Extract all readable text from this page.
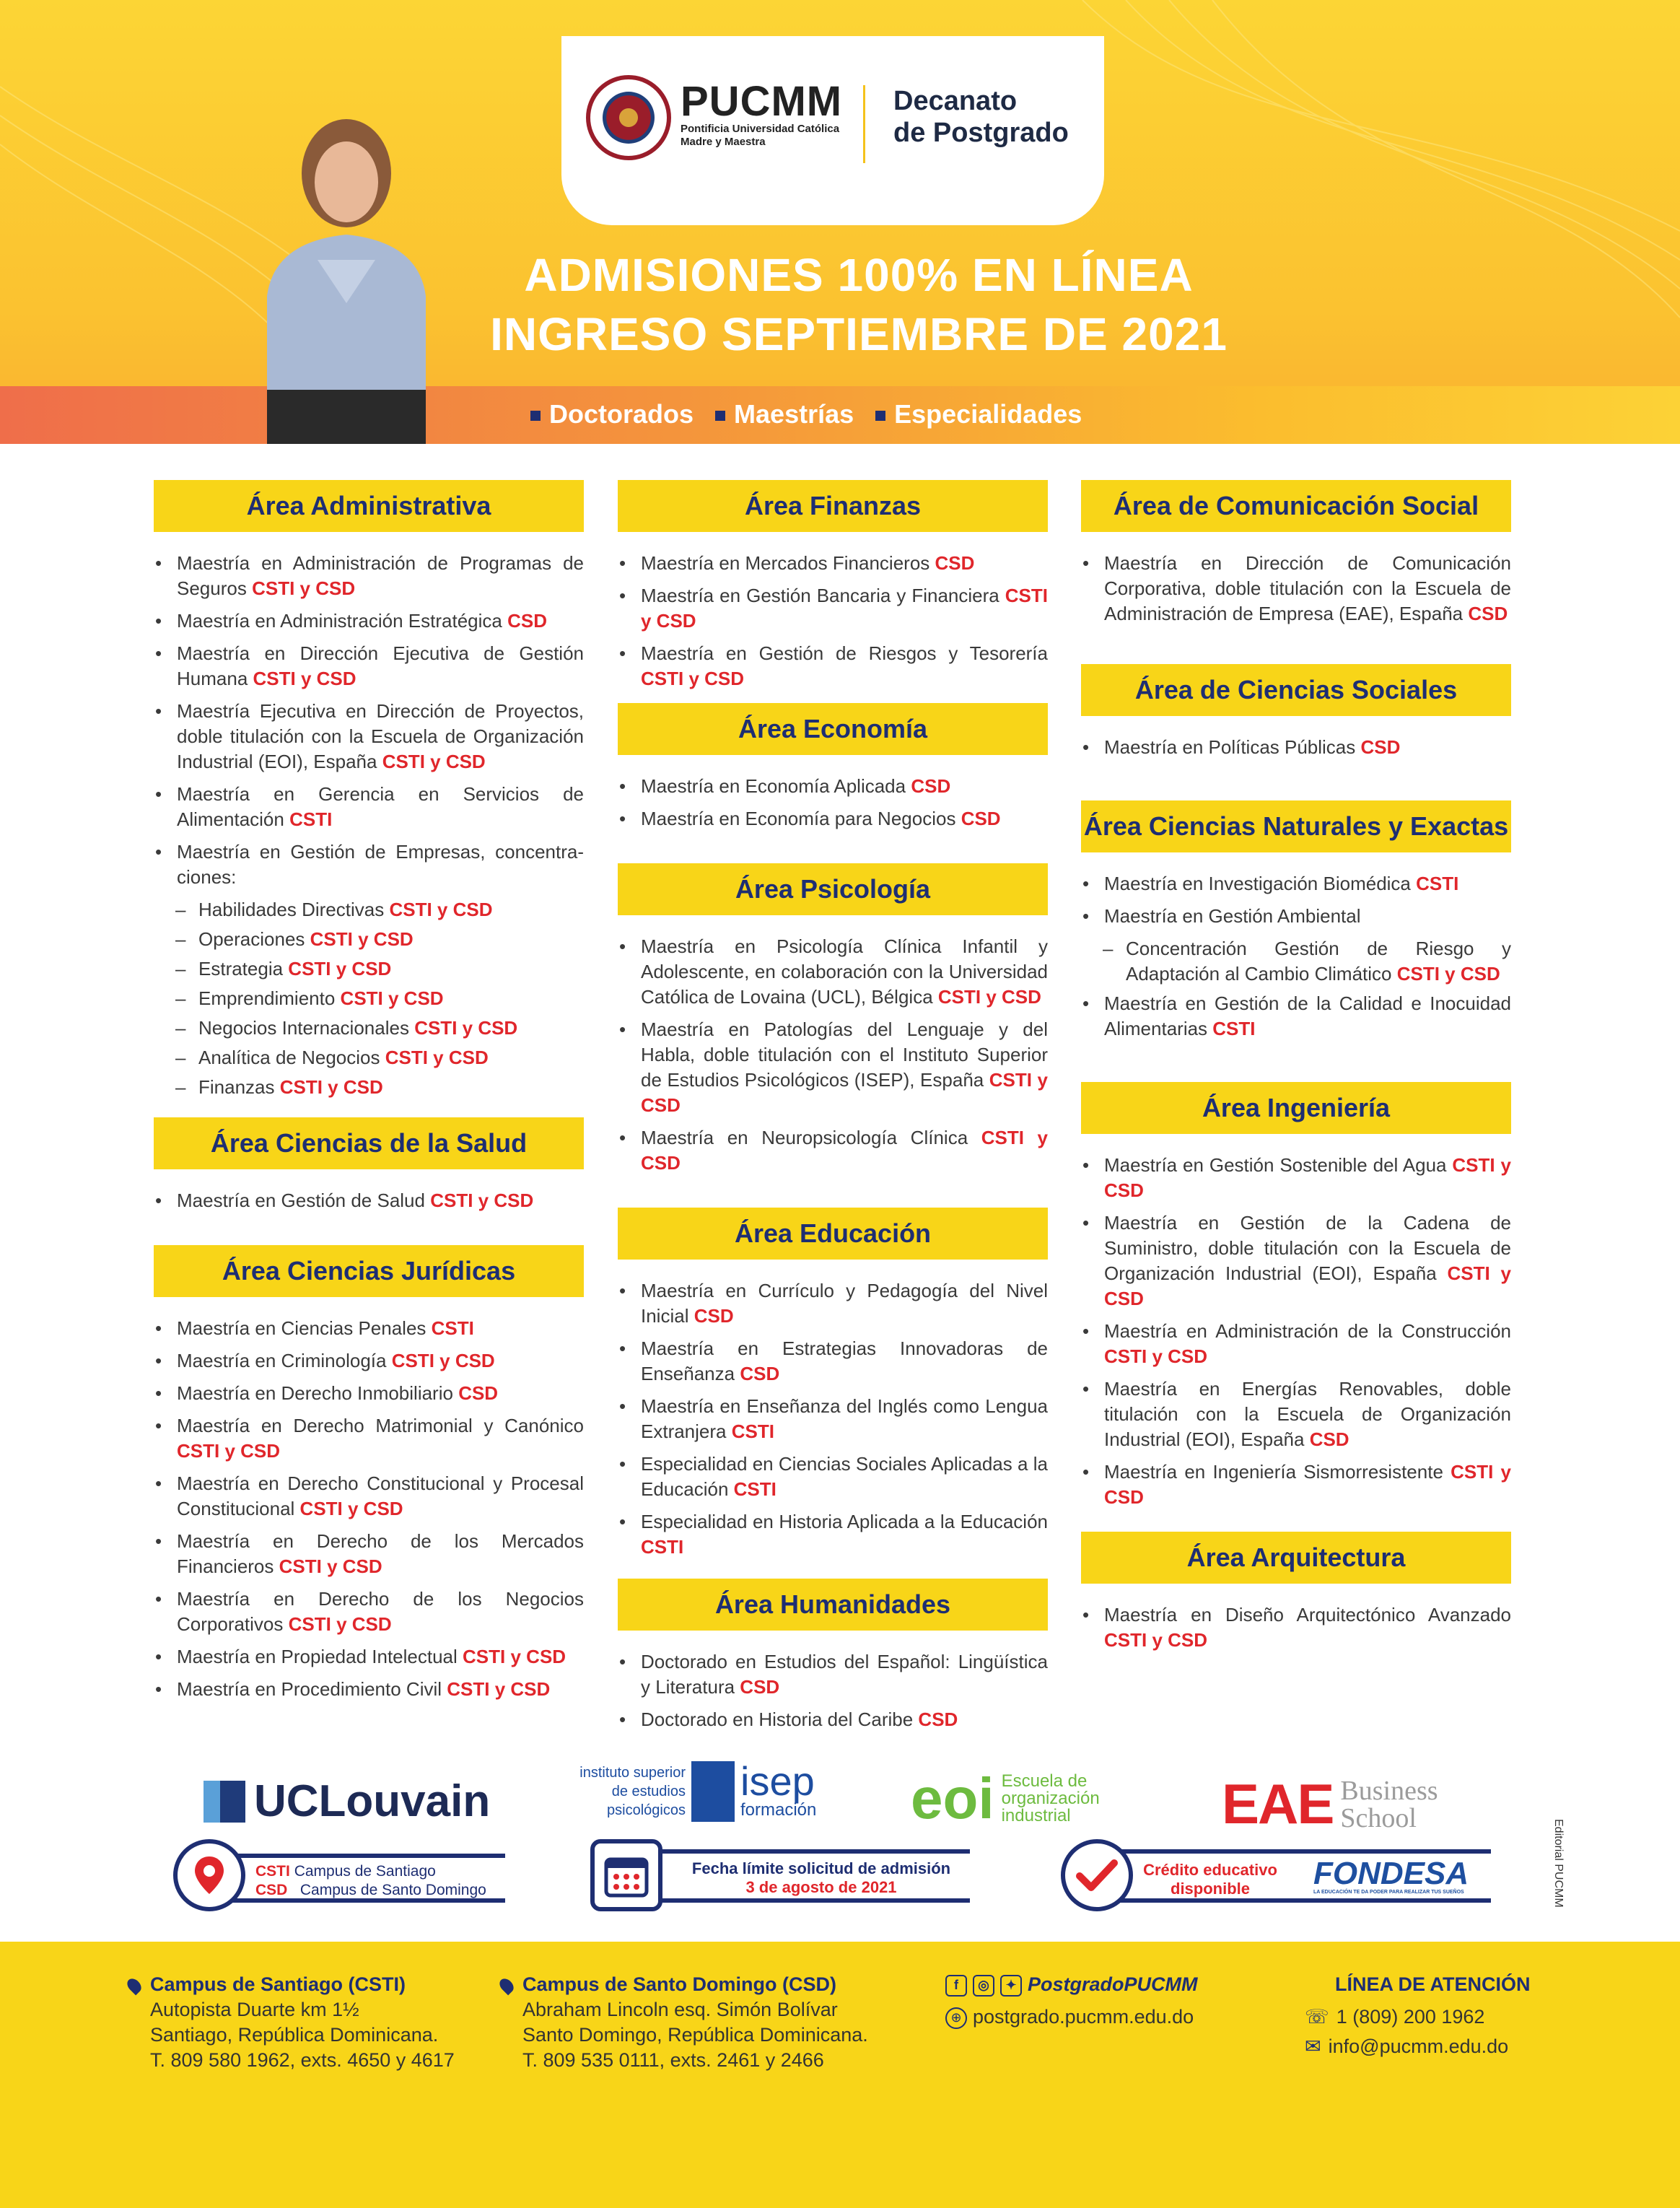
PUCMM
Pontificia Universidad Católica
Madre y Maestra
Decanato
de Postgrado
ADMISIONES 100% EN LÍNEA
INGRESO SEPTIEMBRE DE 2021
Doctorados	Maestrías	Especialidades
Área Administrativa
• Maestría en Administración de Programas de Seguros CSTI y CSD
• Maestría en Administración Estratégica CSD
• Maestría en Dirección Ejecutiva de Gestión Humana CSTI y CSD
• Maestría Ejecutiva en Dirección de Proyectos, doble titulación con la Escuela de Organización Industrial (EOI), España CSTI y CSD
• Maestría en Gerencia en Servicios de Alimentación CSTI
• Maestría en Gestión de Empresas, concentra-ciones:
– Habilidades Directivas CSTI y CSD
– Operaciones CSTI y CSD
– Estrategia CSTI y CSD
– Emprendimiento CSTI y CSD
– Negocios Internacionales CSTI y CSD
– Analítica de Negocios CSTI y CSD
– Finanzas CSTI y CSD
Área Ciencias de la Salud
• Maestría en Gestión de Salud CSTI y CSD
Área Ciencias Jurídicas
• Maestría en Ciencias Penales CSTI
• Maestría en Criminología CSTI y CSD
• Maestría en Derecho Inmobiliario CSD
• Maestría en Derecho Matrimonial y Canónico CSTI y CSD
• Maestría en Derecho Constitucional y Procesal Constitucional CSTI y CSD
• Maestría en Derecho de los Mercados Financieros CSTI y CSD
• Maestría en Derecho de los Negocios Corporativos CSTI y CSD
• Maestría en Propiedad Intelectual CSTI y CSD
• Maestría en Procedimiento Civil CSTI y CSD
Área Finanzas
• Maestría en Mercados Financieros CSD
• Maestría en Gestión Bancaria y Financiera CSTI y CSD
• Maestría en Gestión de Riesgos y Tesorería CSTI y CSD
Área Economía
• Maestría en Economía Aplicada CSD
• Maestría en Economía para Negocios CSD
Área Psicología
• Maestría en Psicología Clínica Infantil y Adolescente, en colaboración con la Universidad Católica de Lovaina (UCL), Bélgica CSTI y CSD
• Maestría en Patologías del Lenguaje y del Habla, doble titulación con el Instituto Superior de Estudios Psicológicos (ISEP), España CSTI y CSD
• Maestría en Neuropsicología Clínica CSTI y CSD
Área Educación
• Maestría en Currículo y Pedagogía del Nivel Inicial CSD
• Maestría en Estrategias Innovadoras de Enseñanza CSD
• Maestría en Enseñanza del Inglés como Lengua Extranjera CSTI
• Especialidad en Ciencias Sociales Aplicadas a la Educación CSTI
• Especialidad en Historia Aplicada a la Educación CSTI
Área Humanidades
• Doctorado en Estudios del Español: Lingüística y Literatura CSD
• Doctorado en Historia del Caribe CSD
Área de Comunicación Social
• Maestría en Dirección de Comunicación Corporativa, doble titulación con la Escuela de Administración de Empresa (EAE), España CSD
Área de Ciencias Sociales
• Maestría en Políticas Públicas CSD
Área Ciencias Naturales y Exactas
• Maestría en Investigación Biomédica CSTI
• Maestría en Gestión Ambiental
– Concentración Gestión de Riesgo y Adaptación al Cambio Climático CSTI y CSD
• Maestría en Gestión de la Calidad e Inocuidad Alimentarias CSTI
Área Ingeniería
• Maestría en Gestión Sostenible del Agua CSTI y CSD
• Maestría en Gestión de la Cadena de Suministro, doble titulación con la Escuela de Organización Industrial (EOI), España CSTI y CSD
• Maestría en Administración de la Construcción CSTI y CSD
• Maestría en Energías Renovables, doble titulación con la Escuela de Organización Industrial (EOI), España CSD
• Maestría en Ingeniería Sismorresistente CSTI y CSD
Área Arquitectura
• Maestría en Diseño Arquitectónico Avanzado CSTI y CSD
UCLouvain
instituto superior
de estudios
psicológicos
isep
formación eoi Escuela de
organización
industrial	EAE Business
School
CSTI Campus de Santiago
CSD Campus de Santo Domingo
Fecha límite solicitud de admisión
3 de agosto de 2021
Crédito educativo
disponible	FONDESA
LA EDUCACIÓN TE DA PODER PARA REALIZAR TUS SUEÑOS	Editorial PUCMM
Campus de Santiago (CSTI)
Autopista Duarte km 1½
Santiago, República Dominicana.
T. 809 580 1962, exts. 4650 y 4617
Campus de Santo Domingo (CSD)
Abraham Lincoln esq. Simón Bolívar
Santo Domingo, República Dominicana.
T. 809 535 0111, exts. 2461 y 2466
f ◎ ✦ PostgradoPUCMM
⊕ postgrado.pucmm.edu.do
LÍNEA DE ATENCIÓN
☏ 1 (809) 200 1962
✉ info@pucmm.edu.do
